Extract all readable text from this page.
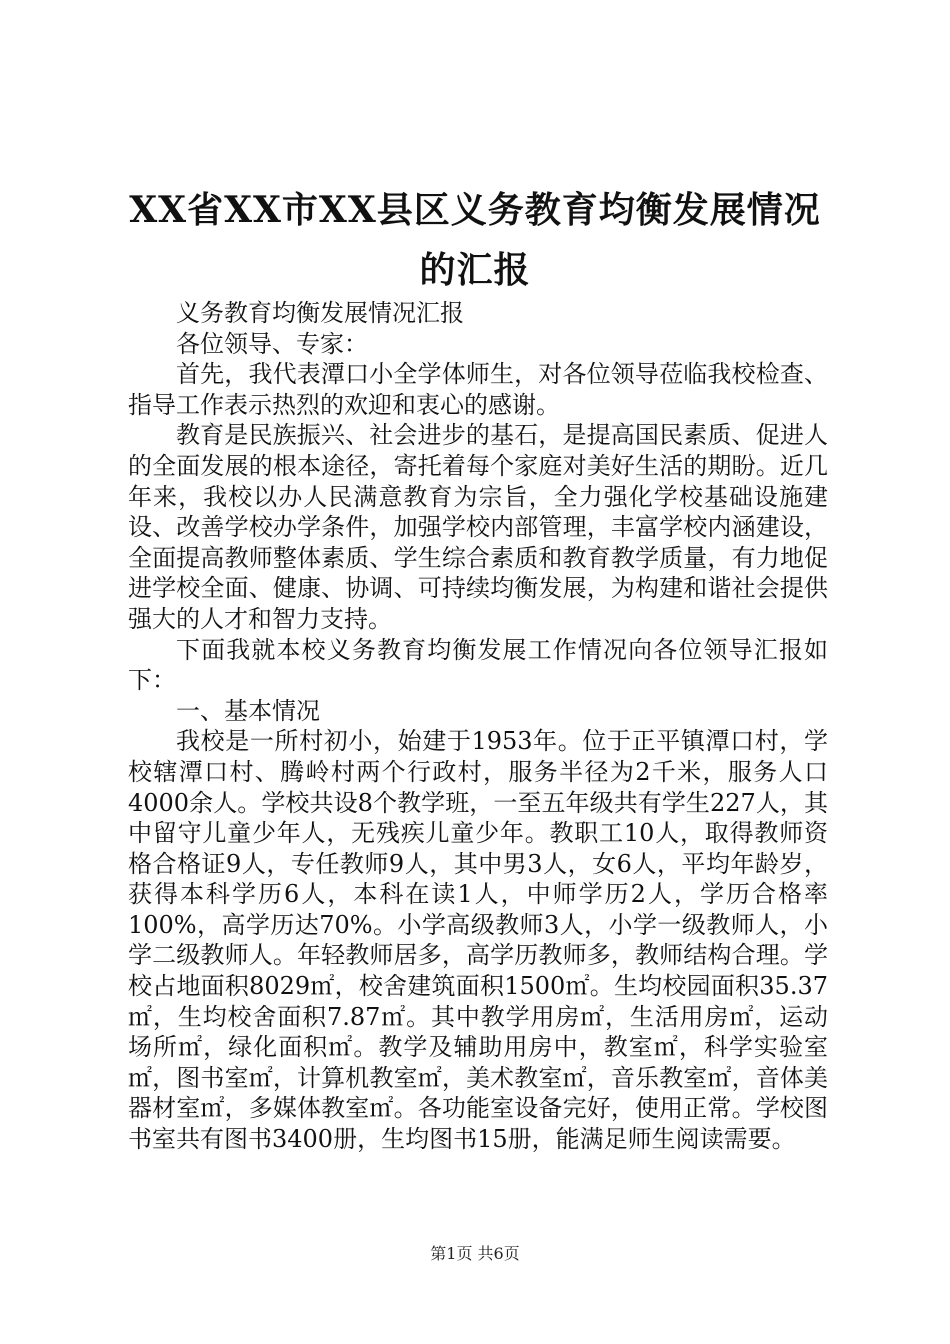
XX省XX市XX县区义务教育均衡发展情况的汇报

义务教育均衡发展情况汇报

各位领导、专家：

首先，我代表潭口小全学体师生，对各位领导莅临我校检查、指导工作表示热烈的欢迎和衷心的感谢。

教育是民族振兴、社会进步的基石，是提高国民素质、促进人的全面发展的根本途径，寄托着每个家庭对美好生活的期盼。近几年来，我校以办人民满意教育为宗旨，全力强化学校基础设施建设、改善学校办学条件，加强学校内部管理，丰富学校内涵建设，全面提高教师整体素质、学生综合素质和教育教学质量，有力地促进学校全面、健康、协调、可持续均衡发展，为构建和谐社会提供强大的人才和智力支持。

下面我就本校义务教育均衡发展工作情况向各位领导汇报如下：

一、基本情况

我校是一所村初小，始建于1953年。位于正平镇潭口村，学校辖潭口村、腾岭村两个行政村，服务半径为2千米，服务人口4000余人。学校共设8个教学班，一至五年级共有学生227人，其中留守儿童少年人，无残疾儿童少年。教职工10人，取得教师资格合格证9人，专任教师9人，其中男3人，女6人，平均年龄岁，获得本科学历6人，本科在读1人，中师学历2人，学历合格率100%，高学历达70%。小学高级教师3人，小学一级教师人，小学二级教师人。年轻教师居多，高学历教师多，教师结构合理。学校占地面积8029㎡，校舍建筑面积1500㎡。生均校园面积35.37㎡，生均校舍面积7.87㎡。其中教学用房㎡，生活用房㎡，运动场所㎡，绿化面积㎡。教学及辅助用房中，教室㎡，科学实验室㎡，图书室㎡，计算机教室㎡，美术教室㎡，音乐教室㎡，音体美器材室㎡，多媒体教室㎡。各功能室设备完好，使用正常。学校图书室共有图书3400册，生均图书15册，能满足师生阅读需要。

第1页 共6页
